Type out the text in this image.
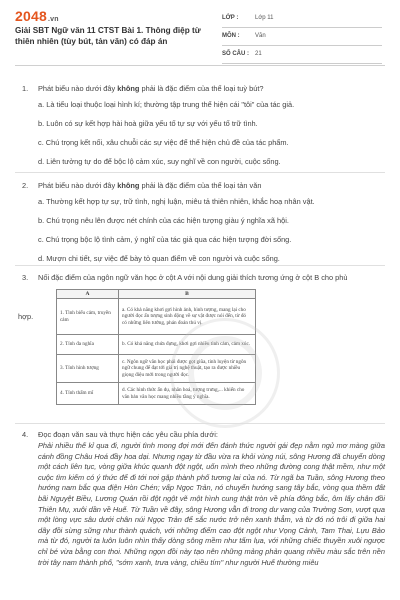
2048.vn
Giải SBT Ngữ văn 11 CTST Bài 1. Thông điệp từ thiên nhiên (tùy bút, tản văn) có đáp án
LỚP :	Lớp 11
MÔN :	Văn
SỐ CÂU : 21
1. Phát biểu nào dưới đây không phải là đặc điểm của thể loại tuỳ bút?
a. Là tiểu loại thuộc loại hình kí; thường tập trung thể hiện cái "tôi" của tác giả.
b. Luôn có sự kết hợp hài hoà giữa yếu tố tự sự với yếu tố trữ tình.
c. Chú trọng kết nối, xâu chuỗi các sự việc để thể hiện chủ đề của tác phẩm.
d. Liên tưởng tự do để bộc lộ cảm xúc, suy nghĩ về con người, cuộc sống.
2. Phát biểu nào dưới đây không phải là đặc điểm của thể loại tản văn
a. Thường kết hợp tự sự, trữ tình, nghị luận, miêu tả thiên nhiên, khắc hoạ nhân vật.
b. Chú trọng nêu lên được nét chính của các hiện tượng giàu ý nghĩa xã hội.
c. Chú trọng bộc lộ tình cảm, ý nghĩ của tác giả qua các hiện tượng đời sống.
d. Mượn chi tiết, sự việc để bày tỏ quan điểm về con người và cuộc sống.
3. Nối đặc điểm của ngôn ngữ văn học ở cột A với nội dung giải thích tương ứng ở cột B cho phù
hợp.
A	B
1. Tình biểu cảm, truyền cảm	a. Có khả năng khơi gợi hình ảnh, hình tượng, mang lại cho người đọc ấn tượng sinh động về sự vật được nói đến, từ đó có những liên tưởng, phán đoán thú vị.
2. Tính đa nghĩa	b. Có khả năng chứa đựng, khơi gợi nhiều tình cảm, cảm xúc.
3. Tính hình tượng	c. Ngôn ngữ văn học phải được gọt giũa, tinh luyện từ ngôn ngữ chung để đạt tới giá trị nghệ thuật, tạo ra được nhiều giọng điệu mới trong người đọc.
4. Tính thẩm mĩ	d. Các hình thức ẩn dụ, nhân hoá, tượng trưng,... khiến cho văn bản văn học mang nhiều tầng ý nghĩa.
4. Đọc đoạn văn sau và thực hiện các yêu cầu phía dưới:
Phải nhiều thế kỉ qua đi, người tình mong đợi mới đến đánh thức người gái đẹp nằm ngủ mơ màng giữa cánh đồng Châu Hoá đầy hoa dại. Nhưng ngay từ đầu vừa ra khỏi vùng núi, sông Hương đã chuyển dòng một cách liên tục, vòng giữa khúc quanh đột ngột, uốn mình theo những đường cong thật mềm, như một cuộc tìm kiếm có ý thức để đi tới nơi gặp thành phố tương lai của nó. Từ ngã ba Tuần, sông Hương theo hướng nam bắc qua điện Hòn Chén; vấp Ngọc Trản, nó chuyển hướng sang tây bắc, vòng qua thềm đất bãi Nguyệt Biều, Lương Quán rồi đột ngột vẽ một hình cung thật tròn về phía đông bắc, ôm lấy chân đồi Thiên Mụ, xuôi dần về Huế. Từ Tuần về đây, sông Hương vẫn đi trong dư vang của Trường Sơn, vượt qua một lòng vực sâu dưới chân núi Ngọc Trản để sắc nước trở nên xanh thẳm, và từ đó nó trôi đi giữa hai dãy đồi sừng sững như thành quách, với những điểm cao đột ngột như Vọng Cảnh, Tam Thai, Lựu Bảo mà từ đó, người ta luôn luôn nhìn thấy dòng sông mềm như tấm lụa, với những chiếc thuyền xuôi ngược chỉ bé vừa bằng con thoi. Những ngọn đồi này tạo nên những mảng phản quang nhiều màu sắc trên nền trời tây nam thành phố, "sớm xanh, trưa vàng, chiều tím" như người Huế thường miêu
